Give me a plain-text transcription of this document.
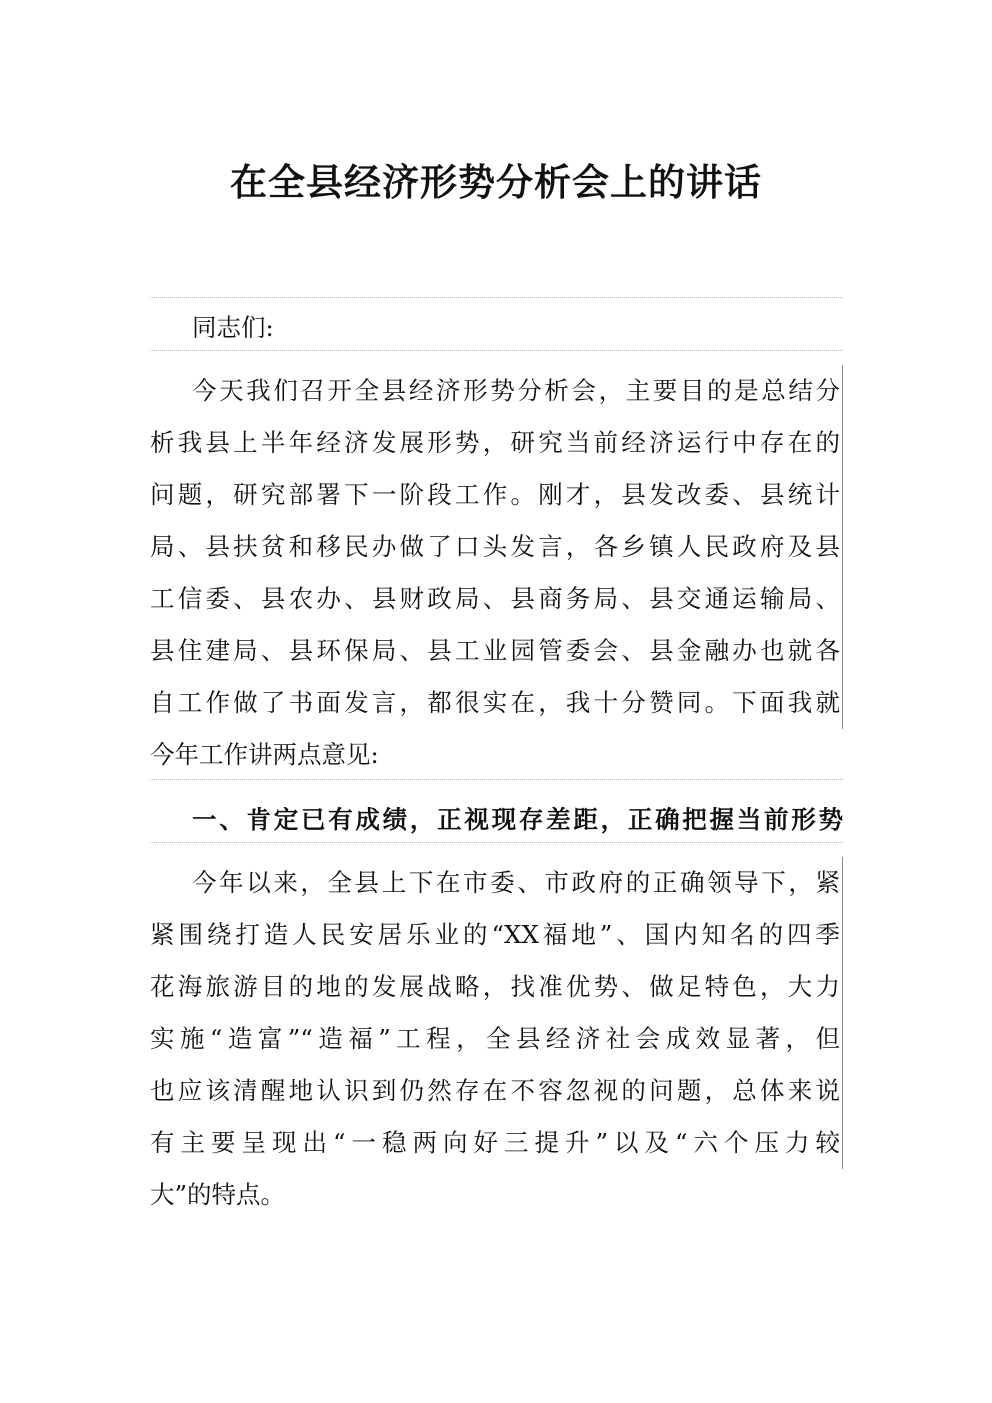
在全县经济形势分析会上的讲话
同志们:
今天我们召开全县经济形势分析会，主要目的是总结分
析我县上半年经济发展形势，研究当前经济运行中存在的
问题，研究部署下一阶段工作。刚才，县发改委、县统计
局、县扶贫和移民办做了口头发言，各乡镇人民政府及县
工信委、县农办、县财政局、县商务局、县交通运输局、
县住建局、县环保局、县工业园管委会、县金融办也就各
自工作做了书面发言，都很实在，我十分赞同。下面我就
今年工作讲两点意见:
一、肯定已有成绩，正视现存差距，正确把握当前形势
今年以来，全县上下在市委、市政府的正确领导下，紧
紧围绕打造人民安居乐业的“XX福地”、国内知名的四季
花海旅游目的地的发展战略，找准优势、做足特色，大力
实施“造富”“造福”工程，全县经济社会成效显著，但
也应该清醒地认识到仍然存在不容忽视的问题，总体来说
有主要呈现出“一稳两向好三提升”以及“六个压力较
大”的特点。
